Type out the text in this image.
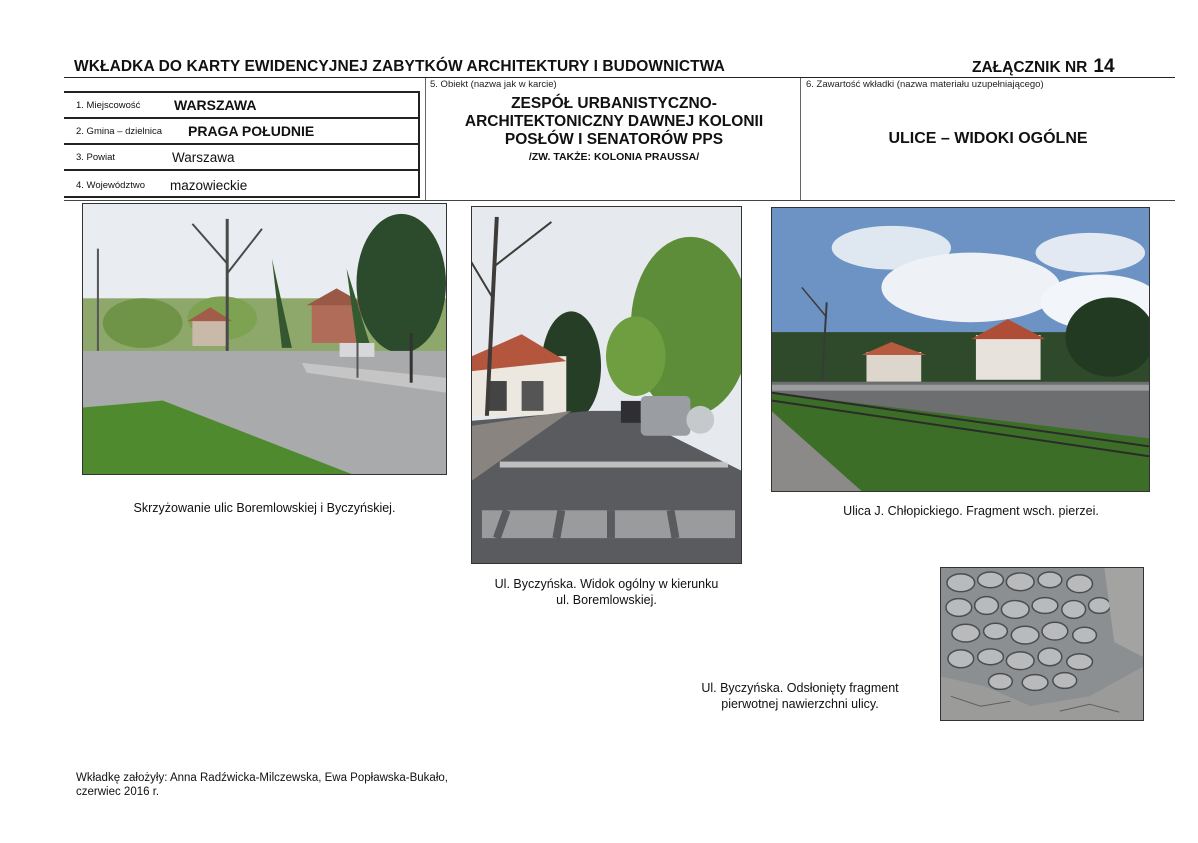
WKŁADKA DO KARTY EWIDENCYJNEJ ZABYTKÓW ARCHITEKTURY I BUDOWNICTWA	ZAŁĄCZNIK NR 14
1. Miejscowość WARSZAWA
2. Gmina – dzielnica PRAGA POŁUDNIE
3. Powiat	Warszawa
4. Województwo mazowieckie
5. Obiekt (nazwa jak w karcie)
ZESPÓŁ URBANISTYCZNO-
ARCHITEKTONICZNY DAWNEJ KOLONII
POSŁÓW I SENATORÓW PPS
/ZW. TAKŻE: KOLONIA PRAUSSA/
6. Zawartość wkładki (nazwa materiału uzupełniającego)
ULICE – WIDOKI OGÓLNE
Skrzyżowanie ulic Boremlowskiej i Byczyńskiej.
Ul. Byczyńska. Widok ogólny w kierunku
ul. Boremlowskiej.
Ulica J. Chłopickiego. Fragment wsch. pierzei.
Ul. Byczyńska. Odsłonięty fragment
pierwotnej nawierzchni ulicy.
Wkładkę założyły: Anna Radźwicka-Milczewska, Ewa Popławska-Bukało,
czerwiec 2016 r.
